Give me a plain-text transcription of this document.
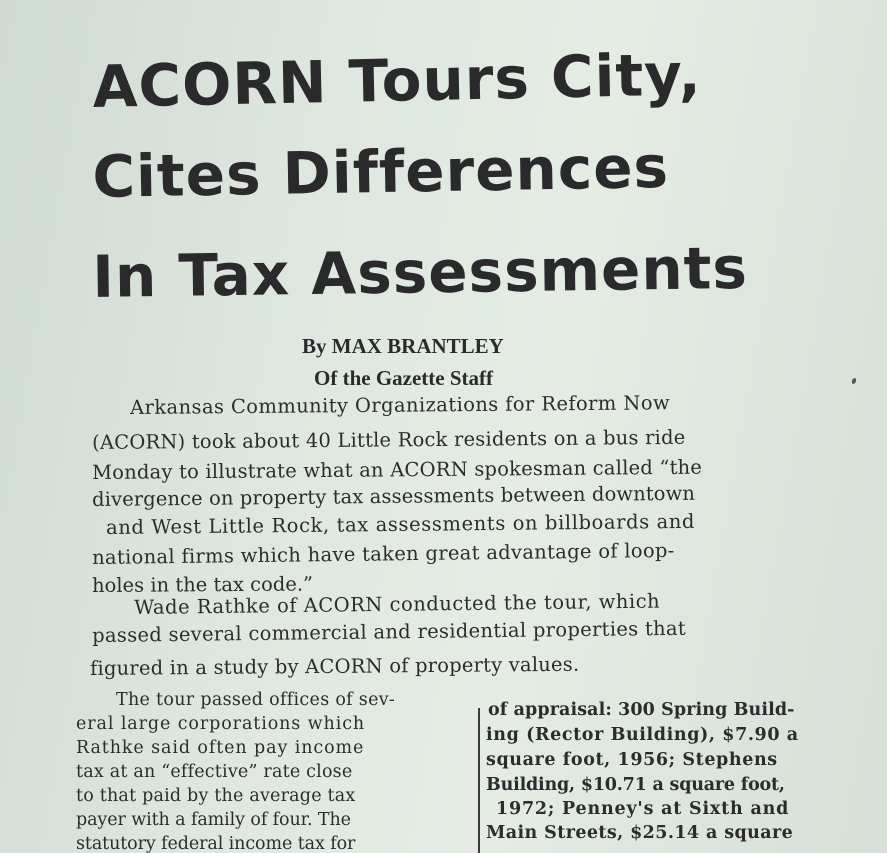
ACORN Tours City,
Cites Differences
In Tax Assessments
By MAX BRANTLEY
Of the Gazette Staff
Arkansas Community Organizations for Reform Now
(ACORN) took about 40 Little Rock residents on a bus ride
Monday to illustrate what an ACORN spokesman called “the
divergence on property tax assessments between downtown
and West Little Rock, tax assessments on billboards and
national firms which have taken great advantage of loop-
holes in the tax code.”
Wade Rathke of ACORN conducted the tour, which
passed several commercial and residential properties that
figured in a study by ACORN of property values.
The tour passed offices of sev-
eral large corporations which
Rathke said often pay income
tax at an “effective” rate close
to that paid by the average tax
payer with a family of four. The
statutory federal income tax for
of appraisal: 300 Spring Build-
ing (Rector Building), $7.90 a
square foot, 1956; Stephens
Building, $10.71 a square foot,
1972; Penney's at Sixth and
Main Streets, $25.14 a square
